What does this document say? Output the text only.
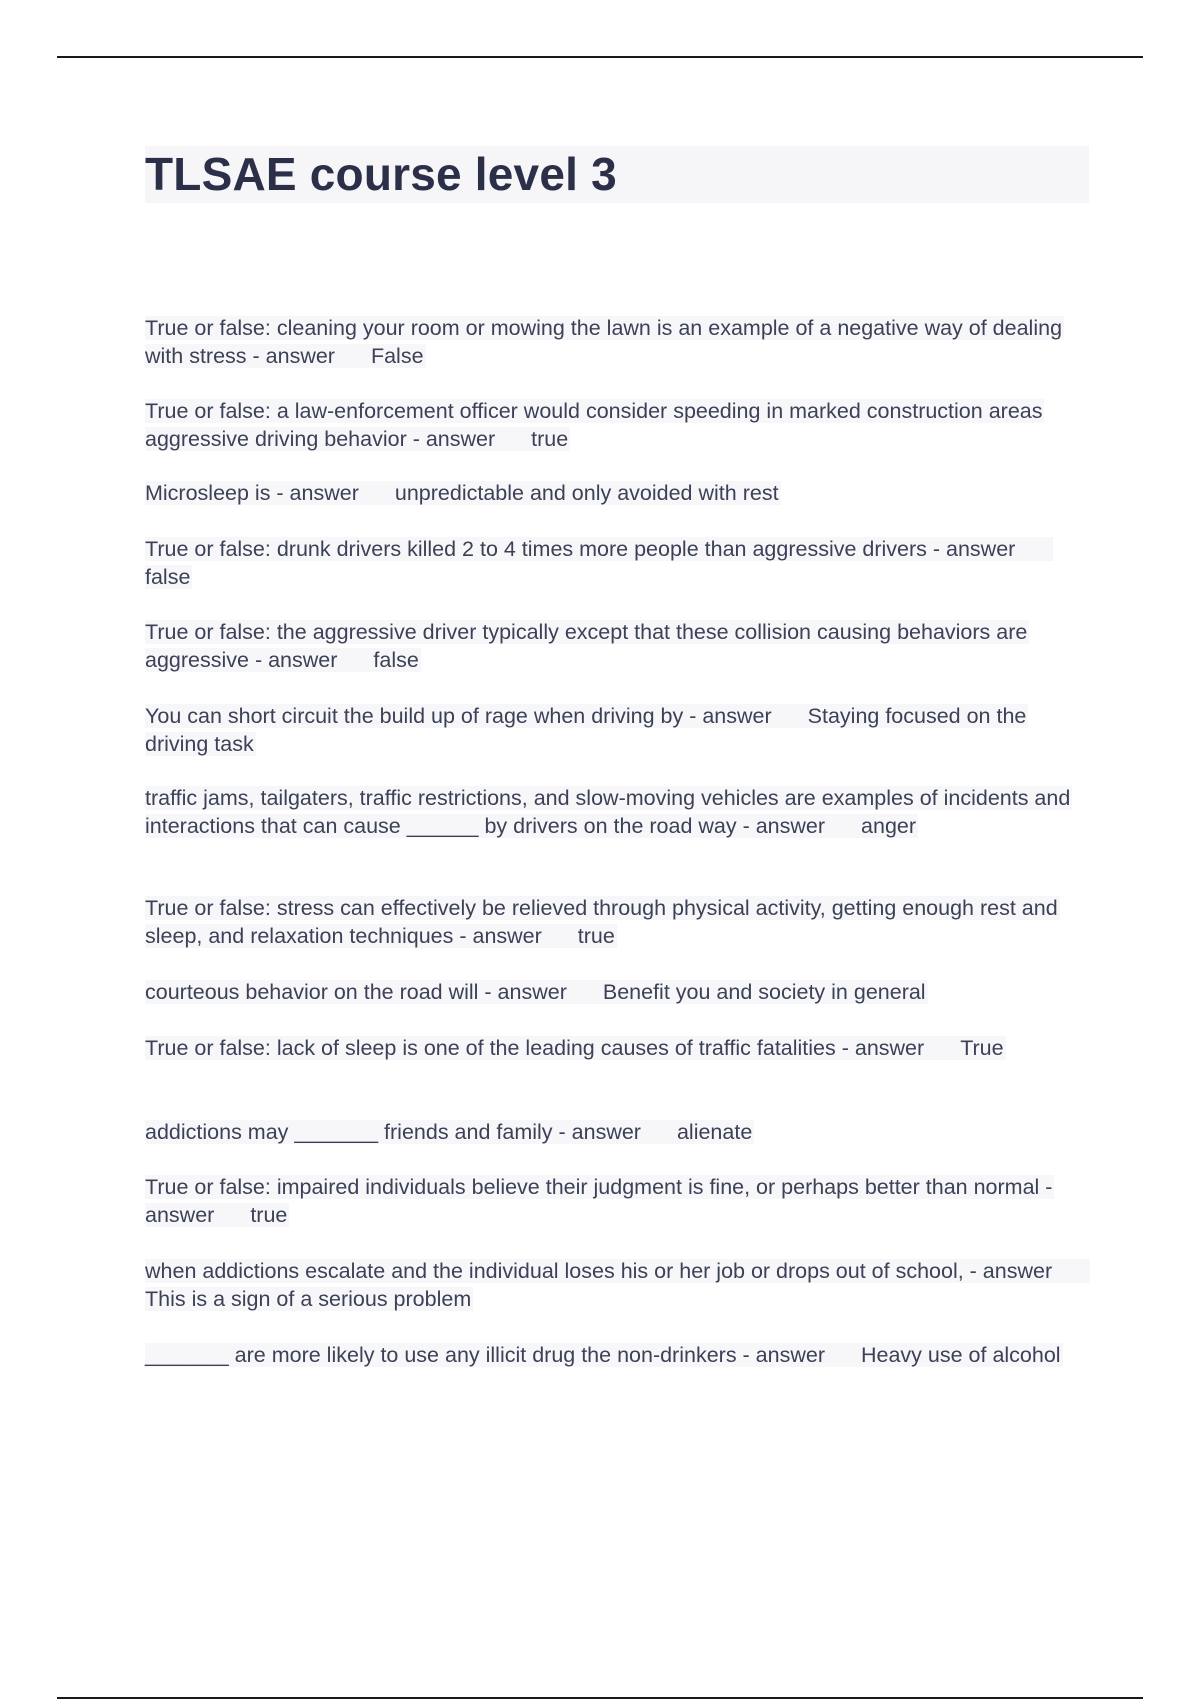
TLSAE course level 3
True or false: cleaning your room or mowing the lawn is an example of a negative way of dealing with stress - answer False
True or false: a law-enforcement officer would consider speeding in marked construction areas aggressive driving behavior - answer true
Microsleep is - answer unpredictable and only avoided with rest
True or false: drunk drivers killed 2 to 4 times more people than aggressive drivers - answerfalse
True or false: the aggressive driver typically except that these collision causing behaviors are aggressive - answer false
You can short circuit the build up of rage when driving by - answer Staying focused on the driving task
traffic jams, tailgaters, traffic restrictions, and slow-moving vehicles are examples of incidents and interactions that can cause ______ by drivers on the road way - answer anger
True or false: stress can effectively be relieved through physical activity, getting enough rest and sleep, and relaxation techniques - answer true
courteous behavior on the road will - answer Benefit you and society in general
True or false: lack of sleep is one of the leading causes of traffic fatalities - answer True
addictions may _______ friends and family - answer alienate
True or false: impaired individuals believe their judgment is fine, or perhaps better than normal - answer true
when addictions escalate and the individual loses his or her job or drops out of school, - answerThis is a sign of a serious problem
_______ are more likely to use any illicit drug the non-drinkers - answer Heavy use of alcohol
